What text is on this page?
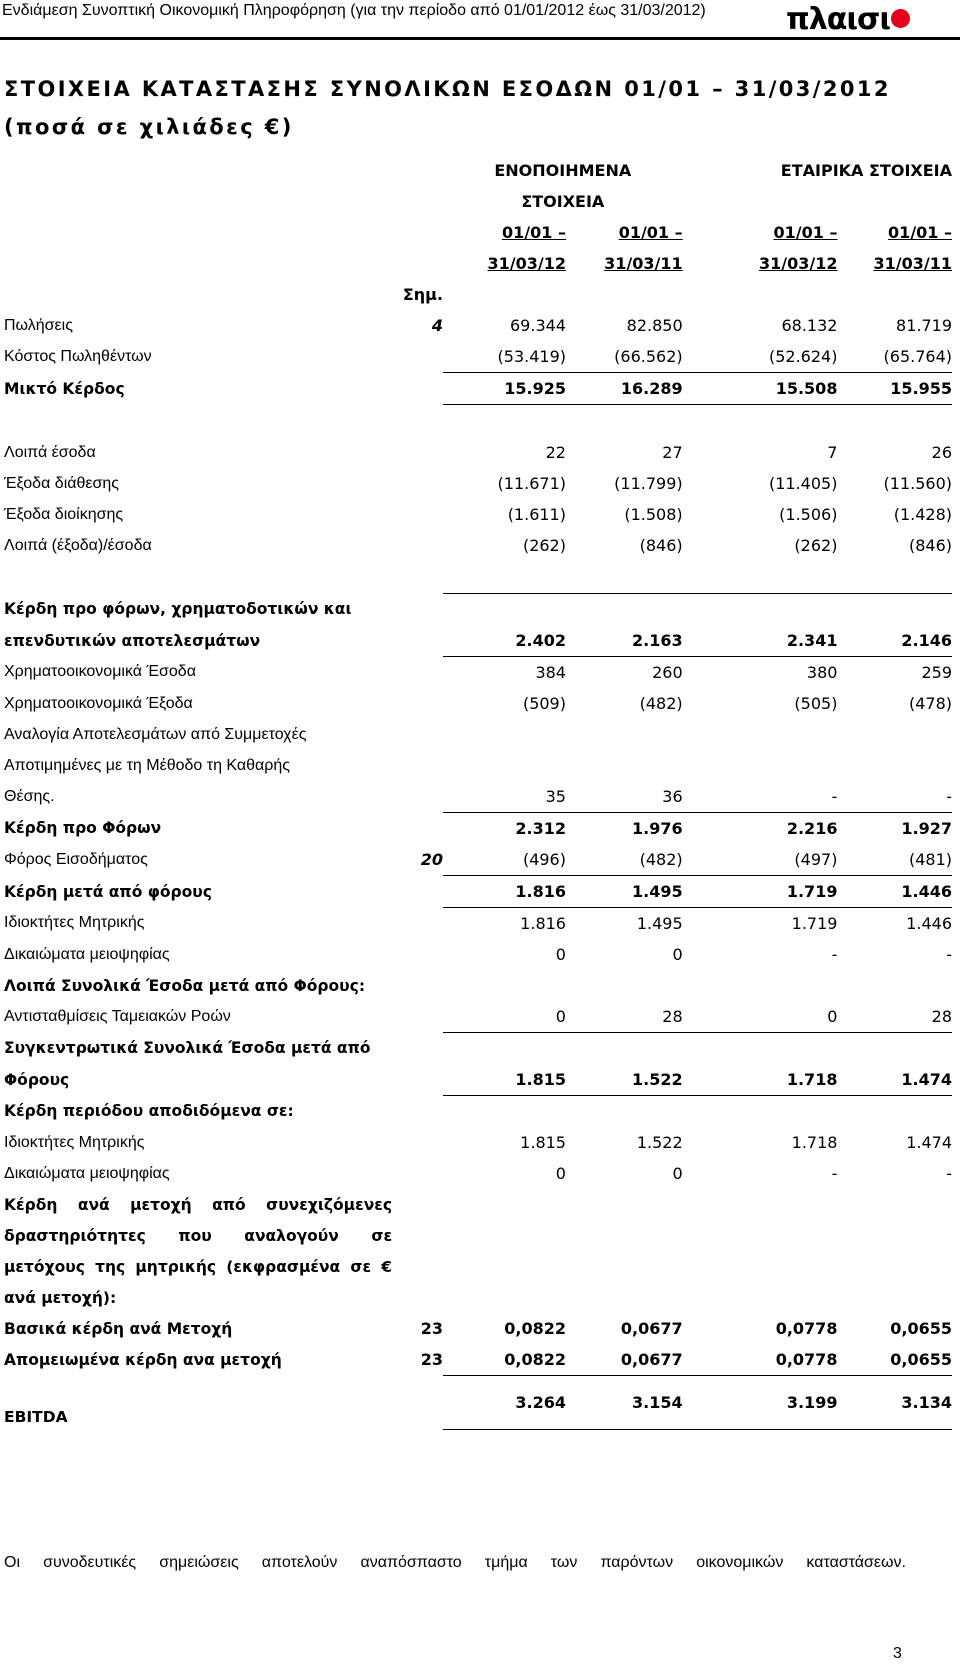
Ενδιάμεση Συνοπτική Οικονομική Πληροφόρηση (για την περίοδο από 01/01/2012 έως 31/03/2012)	πλαισι
ΣΤΟΙΧΕΙΑ ΚΑΤΑΣΤΑΣΗΣ ΣΥΝΟΛΙΚΩΝ ΕΣΟΔΩΝ 01/01 – 31/03/2012
(ποσά σε χιλιάδες €)
		ΕΝΟΠΟΙΗΜΕΝΑ		ΕΤΑΙΡΙΚΑ ΣΤΟΙΧΕΙΑ	
		ΣΤΟΙΧΕΙΑ			
		01/01 –	01/01 –	01/01 –	01/01 –
		31/03/12	31/03/11	31/03/12	31/03/11
	Σημ.				
Πωλήσεις	4	69.344	82.850	68.132	81.719
Κόστος Πωληθέντων		(53.419)	(66.562)	(52.624)	(65.764)
Μικτό Κέρδος		15.925	16.289	15.508	15.955

Λοιπά έσοδα		22	27	7	26
Έξοδα διάθεσης		(11.671)	(11.799)	(11.405)	(11.560)
Έξοδα διοίκησης		(1.611)	(1.508)	(1.506)	(1.428)
Λοιπά (έξοδα)/έσοδα		(262)	(846)	(262)	(846)

Κέρδη προ φόρων, χρηματοδοτικών και					
επενδυτικών αποτελεσμάτων		2.402	2.163	2.341	2.146
Χρηματοοικονομικά Έσοδα		384	260	380	259
Χρηματοοικονομικά Έξοδα		(509)	(482)	(505)	(478)
Αναλογία Αποτελεσμάτων από Συμμετοχές					
Αποτιμημένες με τη Μέθοδο τη Καθαρής					
Θέσης.		35	36	-	-
Κέρδη προ Φόρων		2.312	1.976	2.216	1.927
Φόρος Εισοδήματος	20	(496)	(482)	(497)	(481)
Κέρδη μετά από φόρους		1.816	1.495	1.719	1.446
Ιδιοκτήτες Μητρικής		1.816	1.495	1.719	1.446
Δικαιώματα μειοψηφίας		0	0	-	-
Λοιπά Συνολικά Έσοδα μετά από Φόρους:					
Αντισταθμίσεις Ταμειακών Ροών		0	28	0	28
Συγκεντρωτικά Συνολικά Έσοδα μετά από					
Φόρους		1.815	1.522	1.718	1.474
Κέρδη περιόδου αποδιδόμενα σε:					
Ιδιοκτήτες Μητρικής		1.815	1.522	1.718	1.474
Δικαιώματα μειοψηφίας		0	0	-	-
Κέρδη ανά μετοχή από συνεχιζόμενες					
δραστηριότητες που αναλογούν σε					
μετόχους της μητρικής (εκφρασμένα σε €					
ανά μετοχή):					
Βασικά κέρδη ανά Μετοχή	23	0,0822	0,0677	0,0778	0,0655
Απομειωμένα κέρδη ανα μετοχή	23	0,0822	0,0677	0,0778	0,0655
EBITDA		3.264	3.154	3.199	3.134
Οι συνοδευτικές σημειώσεις αποτελούν αναπόσπαστο τμήμα των παρόντων οικονομικών καταστάσεων.
3
